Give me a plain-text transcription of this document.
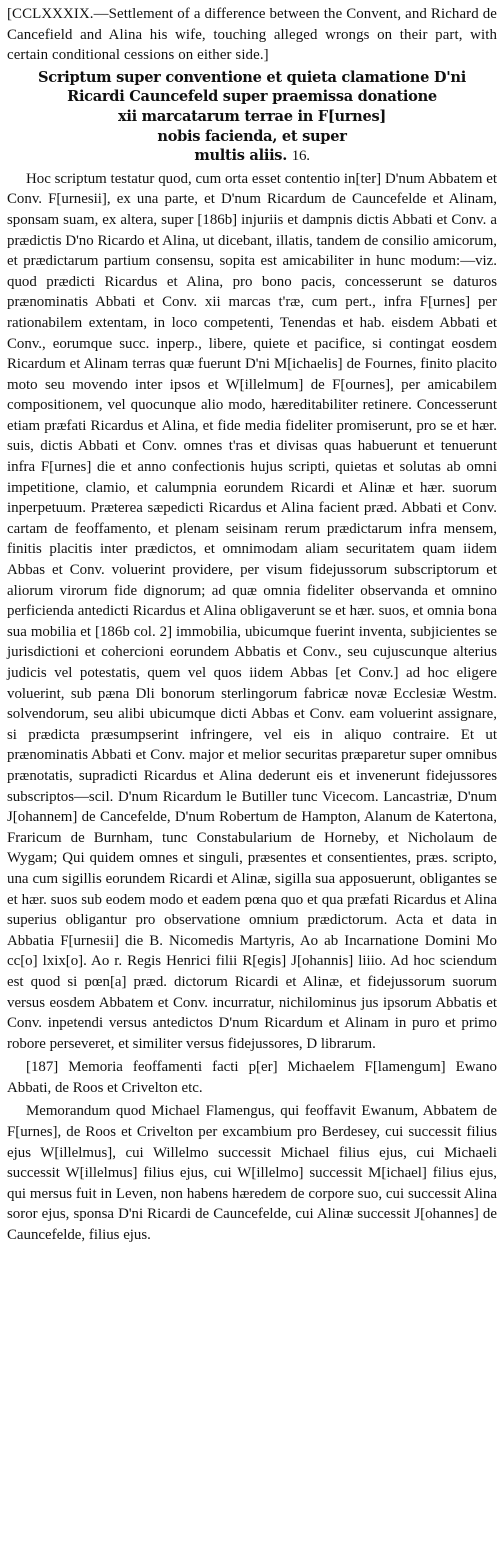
[CCLXXXIX.—Settlement of a difference between the Convent, and Richard de Cancefield and Alina his wife, touching alleged wrongs on their part, with certain conditional cessions on either side.]
Scriptum super conventione et quieta clamatione D'ni
Ricardi Cauncefeld super praemissa donatione
xii marcatarum terrae in F[urnes]
nobis facienda, et super
multis aliis. 16.

Hoc scriptum testatur quod, cum orta esset contentio in[ter] D'num Abbatem et Conv. F[urnesii], ex una parte, et D'num Ricardum de Cauncefelde et Alinam, sponsam suam, ex altera, super [186b] injuriis et dampnis dictis Abbati et Conv. a prædictis D'no Ricardo et Alina, ut dicebant, illatis, tandem de consilio amicorum, et prædictarum partium consensu, sopita est amicabiliter in hunc modum:—viz. quod prædicti Ricardus et Alina, pro bono pacis, concesserunt se daturos prænominatis Abbati et Conv. xii marcas t'ræ, cum pert., infra F[urnes] per rationabilem extentam, in loco competenti, Tenendas et hab. eisdem Abbati et Conv., eorumque succ. inperp., libere, quiete et pacifice, si contingat eosdem Ricardum et Alinam terras quæ fuerunt D'ni M[ichaelis] de Fournes, finito placito moto seu movendo inter ipsos et W[illelmum] de F[ournes], per amicabilem compositionem, vel quocunque alio modo, hæreditabiliter retinere. Concesserunt etiam præfati Ricardus et Alina, et fide media fideliter promiserunt, pro se et hær. suis, dictis Abbati et Conv. omnes t'ras et divisas quas habuerunt et tenuerunt infra F[urnes] die et anno confectionis hujus scripti, quietas et solutas ab omni impetitione, clamio, et calumpnia eorundem Ricardi et Alinæ et hær. suorum inperpetuum. Præterea sæpedicti Ricardus et Alina facient præd. Abbati et Conv. cartam de feoffamento, et plenam seisinam rerum prædictarum infra mensem, finitis placitis inter prædictos, et omnimodam aliam securitatem quam iidem Abbas et Conv. voluerint providere, per visum fidejussorum subscriptorum et aliorum virorum fide dignorum; ad quæ omnia fideliter observanda et omnino perficienda antedicti Ricardus et Alina obligaverunt se et hær. suos, et omnia bona sua mobilia et [186b col. 2] immobilia, ubicumque fuerint inventa, subjicientes se jurisdictioni et cohercioni eorundem Abbatis et Conv., seu cujuscunque alterius judicis vel potestatis, quem vel quos iidem Abbas [et Conv.] ad hoc eligere voluerint, sub pæna Dli bonorum sterlingorum fabricæ novæ Ecclesiæ Westm. solvendorum, seu alibi ubicumque dicti Abbas et Conv. eam voluerint assignare, si prædicta præsumpserint infringere, vel eis in aliquo contraire. Et ut prænominatis Abbati et Conv. major et melior securitas præparetur super omnibus prænotatis, supradicti Ricardus et Alina dederunt eis et invenerunt fidejussores subscriptos—scil. D'num Ricardum le Butiller tunc Vicecom. Lancastriæ, D'num J[ohannem] de Cancefelde, D'num Robertum de Hampton, Alanum de Katertona, Fraricum de Burnham, tunc Constabularium de Horneby, et Nicholaum de Wygam; Qui quidem omnes et singuli, præsentes et consentientes, præs. scripto, una cum sigillis eorundem Ricardi et Alinæ, sigilla sua apposuerunt, obligantes se et hær. suos sub eodem modo et eadem pœna quo et qua præfati Ricardus et Alina superius obligantur pro observatione omnium prædictorum. Acta et data in Abbatia F[urnesii] die B. Nicomedis Martyris, Ao ab Incarnatione Domini Mo cc[o] lxix[o]. Ao r. Regis Henrici filii R[egis] J[ohannis] liiio. Ad hoc sciendum est quod si pœn[a] præd. dictorum Ricardi et Alinæ, et fidejussorum suorum versus eosdem Abbatem et Conv. incurratur, nichilominus jus ipsorum Abbatis et Conv. inpetendi versus antedictos D'num Ricardum et Alinam in puro et primo robore perseveret, et similiter versus fidejussores, D librarum.

[187] Memoria feoffamenti facti p[er] Michaelem F[lamengum] Ewano Abbati, de Roos et Crivelton etc.

Memorandum quod Michael Flamengus, qui feoffavit Ewanum, Abbatem de F[urnes], de Roos et Crivelton per excambium pro Berdesey, cui successit filius ejus W[illelmus], cui Willelmo successit Michael filius ejus, cui Michaeli successit W[illelmus] filius ejus, cui W[illelmo] successit M[ichael] filius ejus, qui mersus fuit in Leven, non habens hæredem de corpore suo, cui successit Alina soror ejus, sponsa D'ni Ricardi de Cauncefelde, cui Alinæ successit J[ohannes] de Cauncefelde, filius ejus.
